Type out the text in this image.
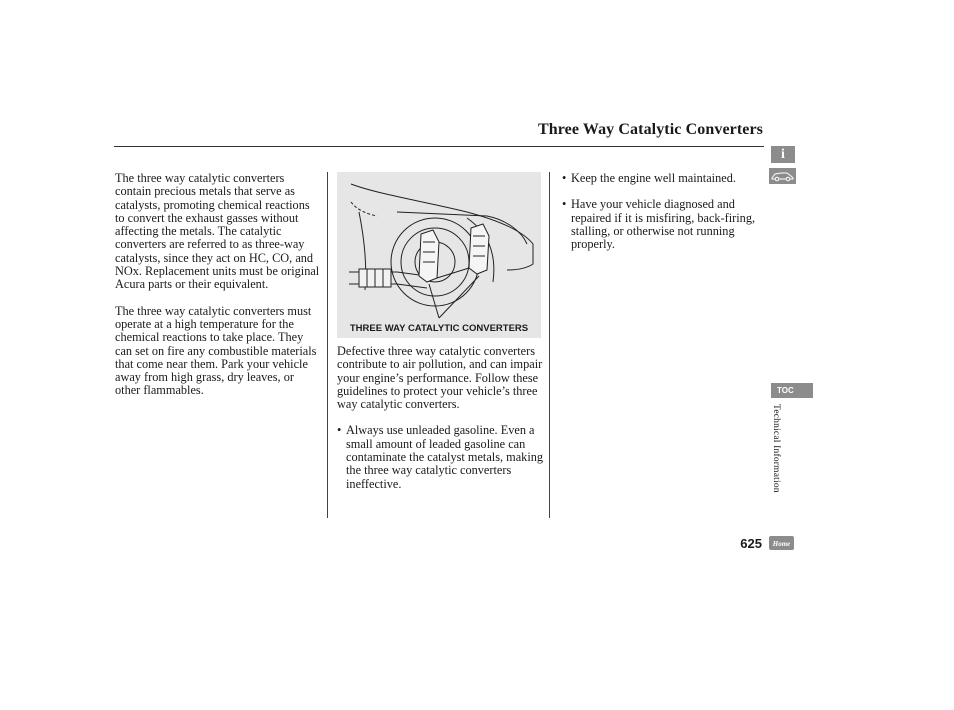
Three Way Catalytic Converters

The three way catalytic converters contain precious metals that serve as catalysts, promoting chemical reactions to convert the exhaust gasses without affecting the metals. The catalytic converters are referred to as three-way catalysts, since they act on HC, CO, and NOx. Replacement units must be original Acura parts or their equivalent.

The three way catalytic converters must operate at a high temperature for the chemical reactions to take place. They can set on fire any combustible materials that come near them. Park your vehicle away from high grass, dry leaves, or other flammables.

THREE WAY CATALYTIC CONVERTERS

Defective three way catalytic converters contribute to air pollution, and can impair your engine’s performance. Follow these guidelines to protect your vehicle’s three way catalytic converters.

• Always use unleaded gasoline. Even a small amount of leaded gasoline can contaminate the catalyst metals, making the three way catalytic converters ineffective.
• Keep the engine well maintained.
• Have your vehicle diagnosed and repaired if it is misfiring, back-firing, stalling, or otherwise not running properly.
i
TOC
Technical Information
625 Home
